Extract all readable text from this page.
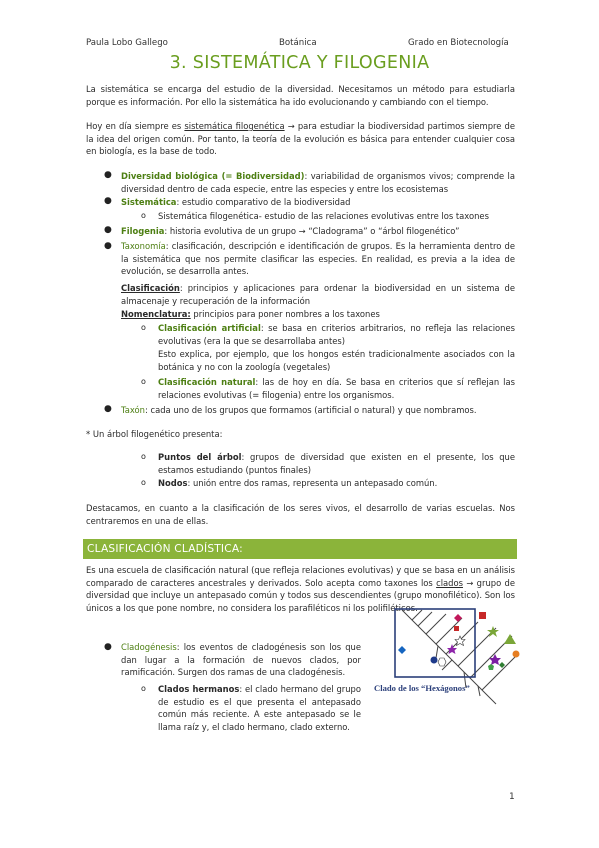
Paula Lobo Gallego	Botánica	Grado en Biotecnología
3. SISTEMÁTICA Y FILOGENIA

La sistemática se encarga del estudio de la diversidad. Necesitamos un método para estudiarla porque es información. Por ello la sistemática ha ido evolucionando y cambiando con el tiempo.

Hoy en día siempre es sistemática filogenética → para estudiar la biodiversidad partimos siempre de la idea del origen común. Por tanto, la teoría de la evolución es básica para entender cualquier cosa en biología, es la base de todo.

● Diversidad biológica (= Biodiversidad): variabilidad de organismos vivos; comprende la diversidad dentro de cada especie, entre las especies y entre los ecosistemas

● Sistemática: estudio comparativo de la biodiversidad

o Sistemática filogenética- estudio de las relaciones evolutivas entre los taxones

● Filogenia: historia evolutiva de un grupo → “Cladograma” o “árbol filogenético”

● Taxonomía: clasificación, descripción e identificación de grupos. Es la herramienta dentro de la sistemática que nos permite clasificar las especies. En realidad, es previa a la idea de evolución, se desarrolla antes.

Clasificación: principios y aplicaciones para ordenar la biodiversidad en un sistema de almacenaje y recuperación de la información

Nomenclatura: principios para poner nombres a los taxones

o Clasificación artificial: se basa en criterios arbitrarios, no refleja las relaciones evolutivas (era la que se desarrollaba antes)

Esto explica, por ejemplo, que los hongos estén tradicionalmente asociados con la botánica y no con la zoología (vegetales)

o Clasificación natural: las de hoy en día. Se basa en criterios que sí reflejan las relaciones evolutivas (= filogenia) entre los organismos.

● Taxón: cada uno de los grupos que formamos (artificial o natural) y que nombramos.

* Un árbol filogenético presenta:

o Puntos del árbol: grupos de diversidad que existen en el presente, los que estamos estudiando (puntos finales)

o Nodos: unión entre dos ramas, representa un antepasado común.

Destacamos, en cuanto a la clasificación de los seres vivos, el desarrollo de varias escuelas. Nos centraremos en una de ellas.

CLASIFICACIÓN CLADÍSTICA:

Es una escuela de clasificación natural (que refleja relaciones evolutivas) y que se basa en un análisis comparado de caracteres ancestrales y derivados. Solo acepta como taxones los clados → grupo de diversidad que incluye un antepasado común y todos sus descendientes (grupo monofilético). Son los únicos a los que pone nombre, no considera los parafiléticos ni los polifiléticos.

● Cladogénesis: los eventos de cladogénesis son los que dan lugar a la formación de nuevos clados, por ramificación. Surgen dos ramas de una cladogénesis.

o Clados hermanos: el clado hermano del grupo de estudio es el que presenta el antepasado común más reciente. A este antepasado se le llama raíz y, el clado hermano, clado externo.

Clado de los “Hexágonos”
1
